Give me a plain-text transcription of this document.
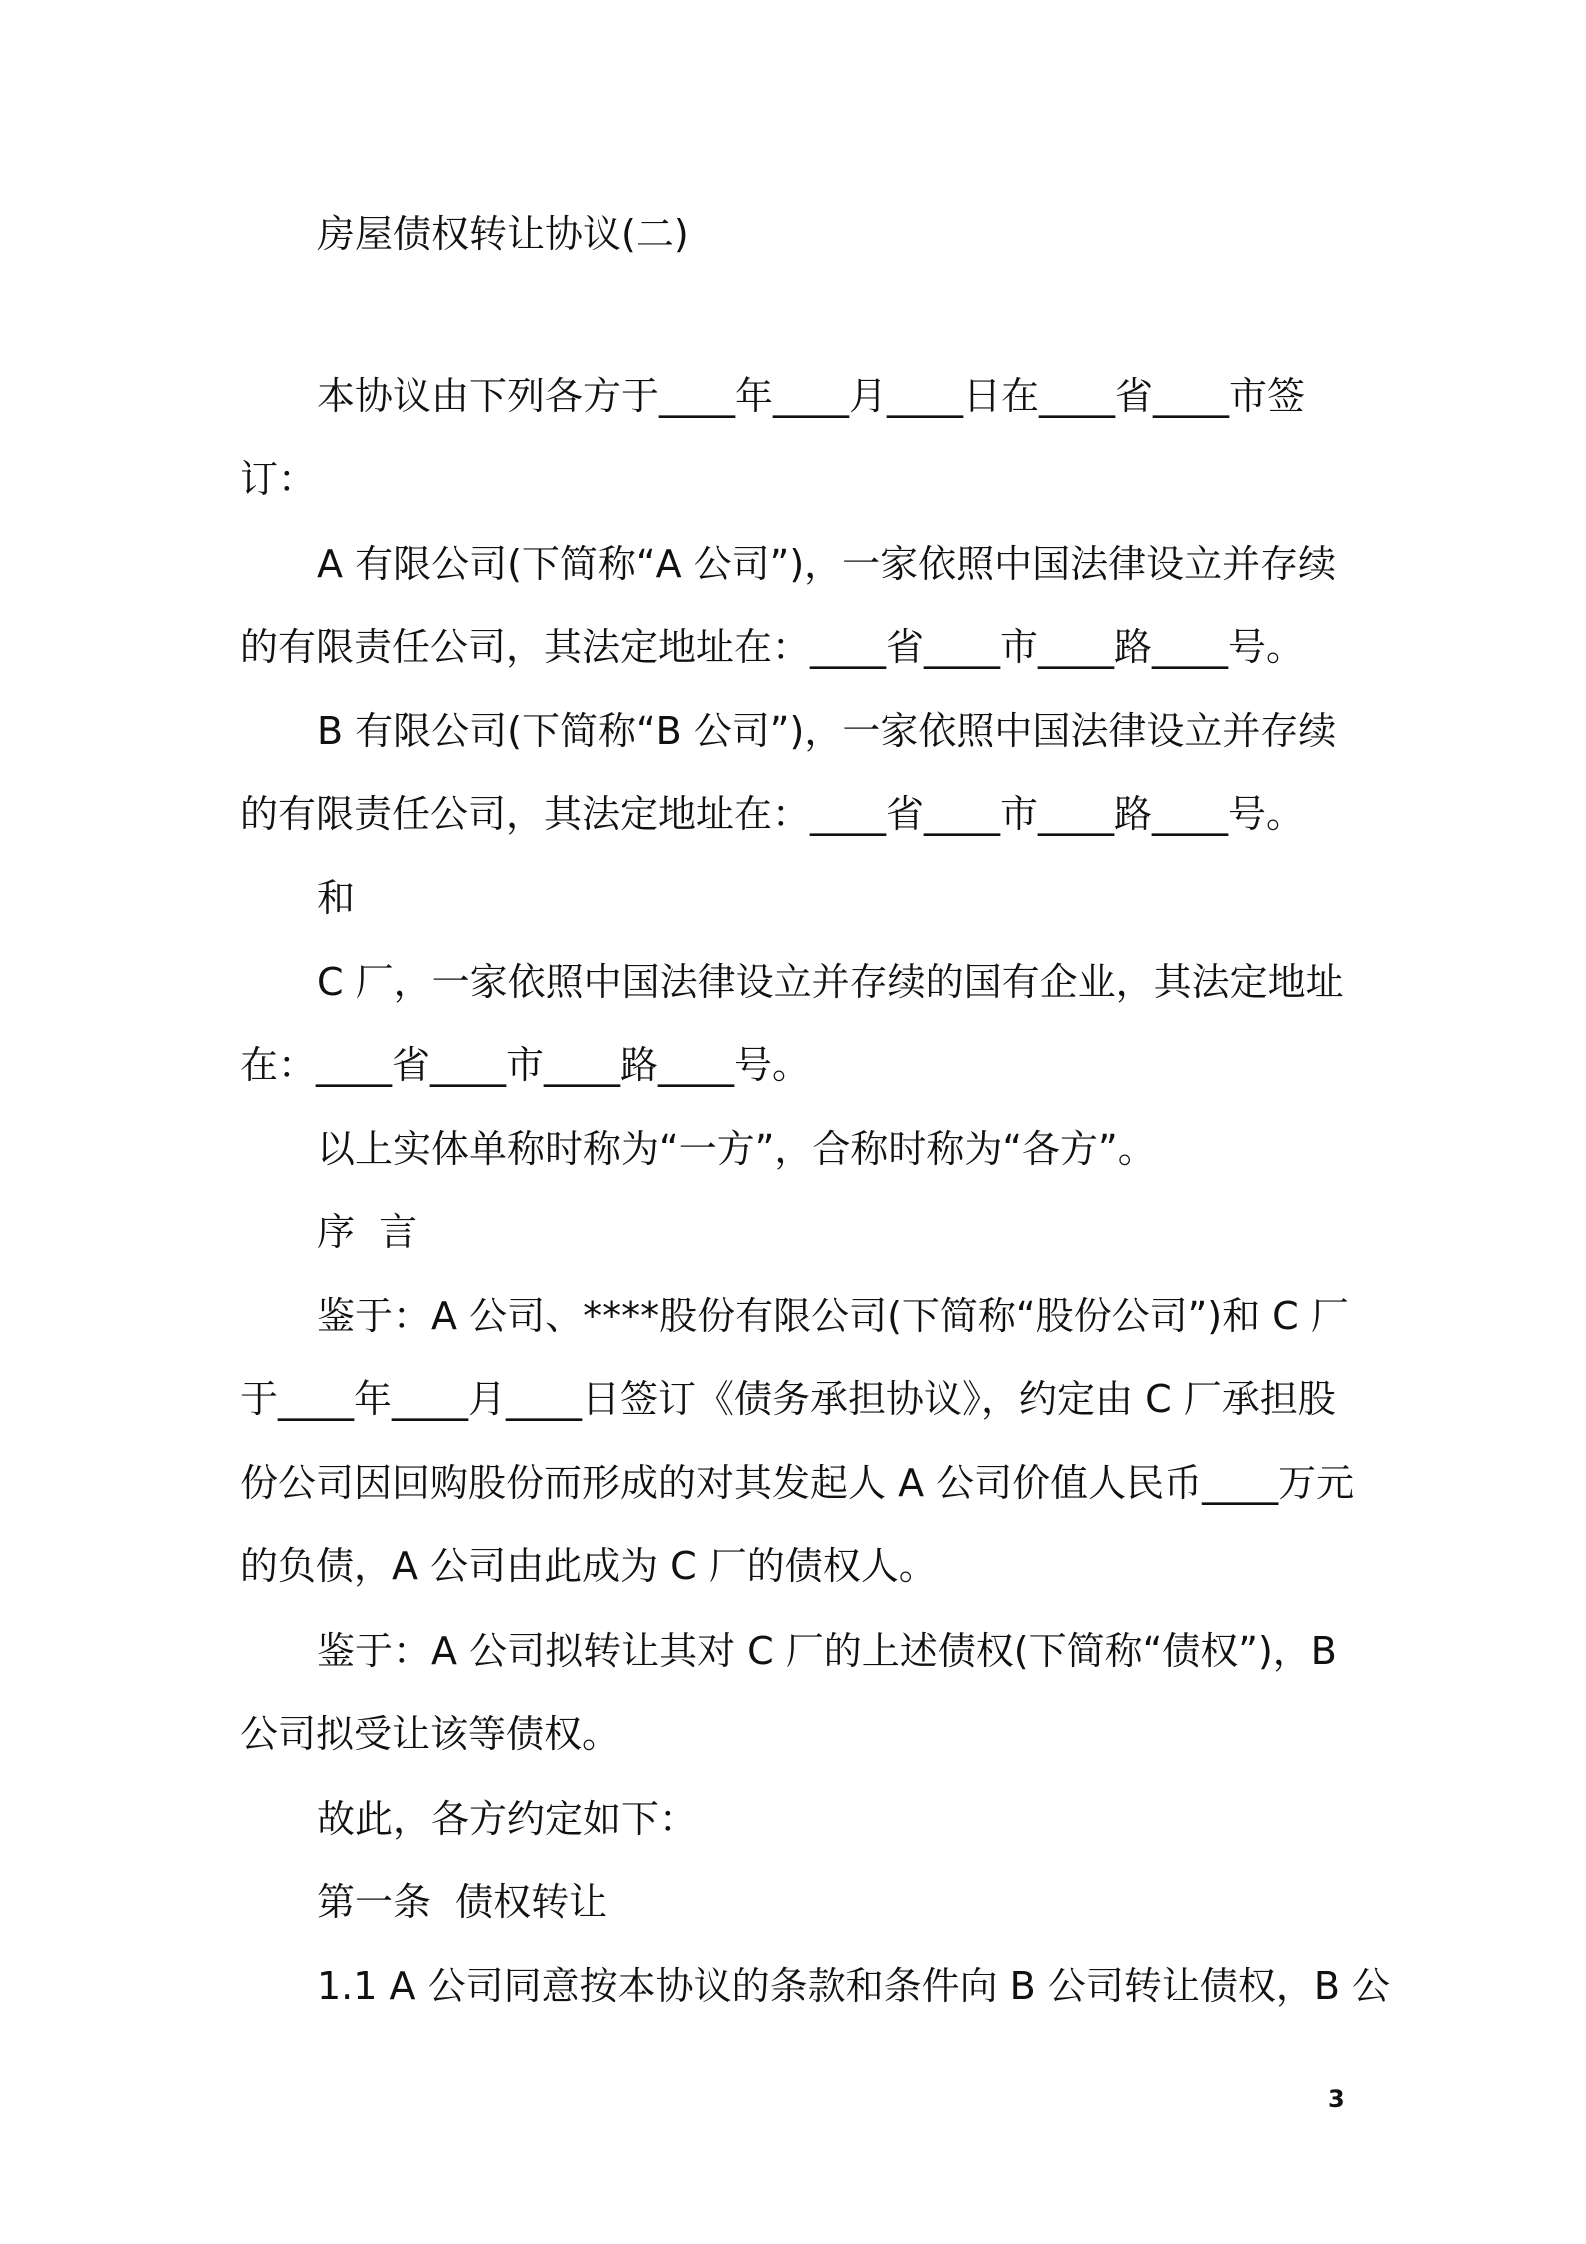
房屋债权转让协议(二)

本协议由下列各方于____年____月____日在____省____市签

订：

A 有限公司(下简称“A 公司”)，一家依照中国法律设立并存续

的有限责任公司，其法定地址在：____省____市____路____号。

B 有限公司(下简称“B 公司”)，一家依照中国法律设立并存续

的有限责任公司，其法定地址在：____省____市____路____号。

和

C 厂，一家依照中国法律设立并存续的国有企业，其法定地址

在：____省____市____路____号。

以上实体单称时称为“一方”，合称时称为“各方”。

序  言

鉴于：A 公司、****股份有限公司(下简称“股份公司”)和 C 厂

于____年____月____日签订《债务承担协议》，约定由 C 厂承担股

份公司因回购股份而形成的对其发起人 A 公司价值人民币____万元

的负债，A 公司由此成为 C 厂的债权人。

鉴于：A 公司拟转让其对 C 厂的上述债权(下简称“债权”)，B

公司拟受让该等债权。

故此，各方约定如下：

第一条  债权转让

1.1 A 公司同意按本协议的条款和条件向 B 公司转让债权，B 公

3
